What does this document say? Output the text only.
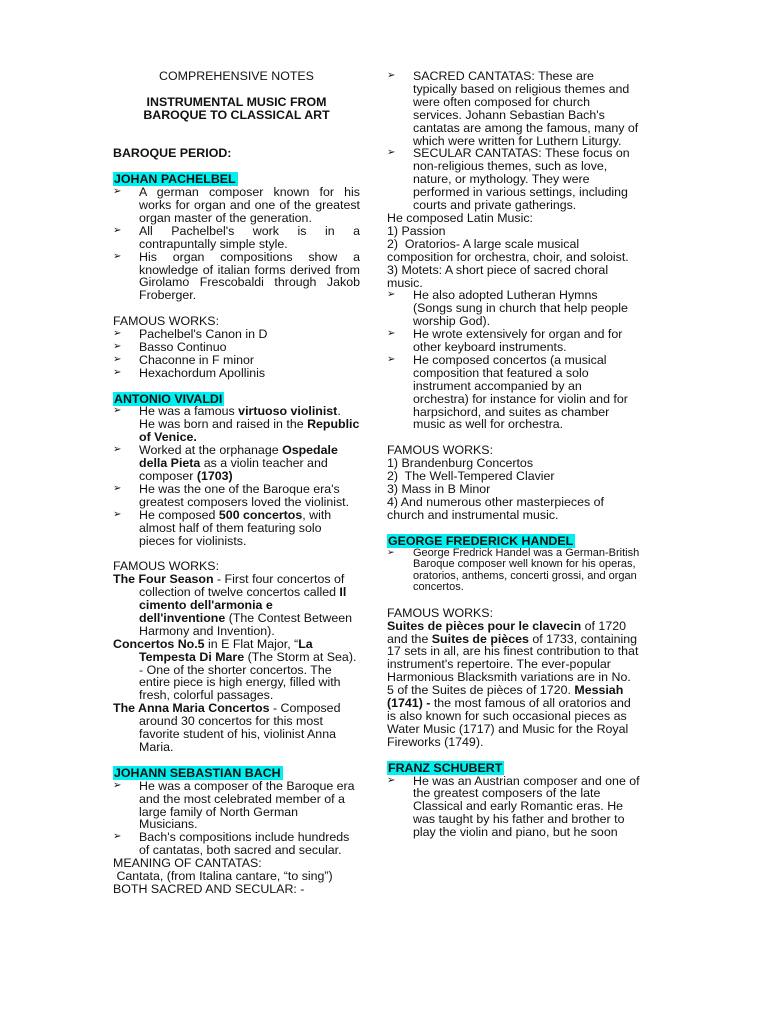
COMPREHENSIVE NOTES

INSTRUMENTAL MUSIC FROM

BAROQUE TO CLASSICAL ART

BAROQUE PERIOD:

JOHAN PACHELBEL

➢ A german composer known for his works for organ and one of the greatest organ master of the generation.
➢ All Pachelbel's work is in a contrapuntally simple style.
➢ His organ compositions show a knowledge of italian forms derived from Girolamo Frescobaldi through Jakob Froberger.

FAMOUS WORKS:

➢ Pachelbel's Canon in D
➢ Basso Continuo
➢ Chaconne in F minor
➢ Hexachordum Apollinis

ANTONIO VIVALDI

➢ He was a famous virtuoso violinist. He was born and raised in the Republic of Venice.
➢ Worked at the orphanage Ospedale della Pieta as a violin teacher and composer (1703)
➢ He was the one of the Baroque era's greatest composers loved the violinist.
➢ He composed 500 concertos, with almost half of them featuring solo pieces for violinists.

FAMOUS WORKS:

The Four Season - First four concertos of collection of twelve concertos called Il cimento dell'armonia e dell'inventione (The Contest Between Harmony and Invention).

Concertos No.5 in E Flat Major, “La Tempesta Di Mare (The Storm at Sea). - One of the shorter concertos. The entire piece is high energy, filled with fresh, colorful passages.

The Anna Maria Concertos - Composed around 30 concertos for this most favorite student of his, violinist Anna Maria.

JOHANN SEBASTIAN BACH

➢ He was a composer of the Baroque era and the most celebrated member of a large family of North German Musicians.
➢ Bach's compositions include hundreds of cantatas, both sacred and secular.

MEANING OF CANTATAS:

Cantata, (from Italina cantare, “to sing”)

BOTH SACRED AND SECULAR: -

➢ SACRED CANTATAS: These are typically based on religious themes and were often composed for church services. Johann Sebastian Bach's cantatas are among the famous, many of which were written for Luthern Liturgy.
➢ SECULAR CANTATAS: These focus on non-religious themes, such as love, nature, or mythology. They were performed in various settings, including courts and private gatherings.

He composed Latin Music:

1) Passion

2)  Oratorios- A large scale musical composition for orchestra, choir, and soloist.

3) Motets: A short piece of sacred choral music.

➢ He also adopted Lutheran Hymns (Songs sung in church that help people worship God).
➢ He wrote extensively for organ and for other keyboard instruments.
➢ He composed concertos (a musical composition that featured a solo instrument accompanied by an orchestra) for instance for violin and for harpsichord, and suites as chamber music as well for orchestra.

FAMOUS WORKS:

1) Brandenburg Concertos

2)  The Well-Tempered Clavier

3) Mass in B Minor

4) And numerous other masterpieces of church and instrumental music.

GEORGE FREDERICK HANDEL

➢ George Fredrick Handel was a German-British Baroque composer well known for his operas, oratorios, anthems, concerti grossi, and organ concertos.

FAMOUS WORKS:

Suites de pièces pour le clavecin of 1720 and the Suites de pièces of 1733, containing 17 sets in all, are his finest contribution to that instrument's repertoire. The ever-popular Harmonious Blacksmith variations are in No. 5 of the Suites de pièces of 1720. Messiah (1741) - the most famous of all oratorios and is also known for such occasional pieces as Water Music (1717) and Music for the Royal Fireworks (1749).

FRANZ SCHUBERT

➢ He was an Austrian composer and one of the greatest composers of the late Classical and early Romantic eras. He was taught by his father and brother to play the violin and piano, but he soon
